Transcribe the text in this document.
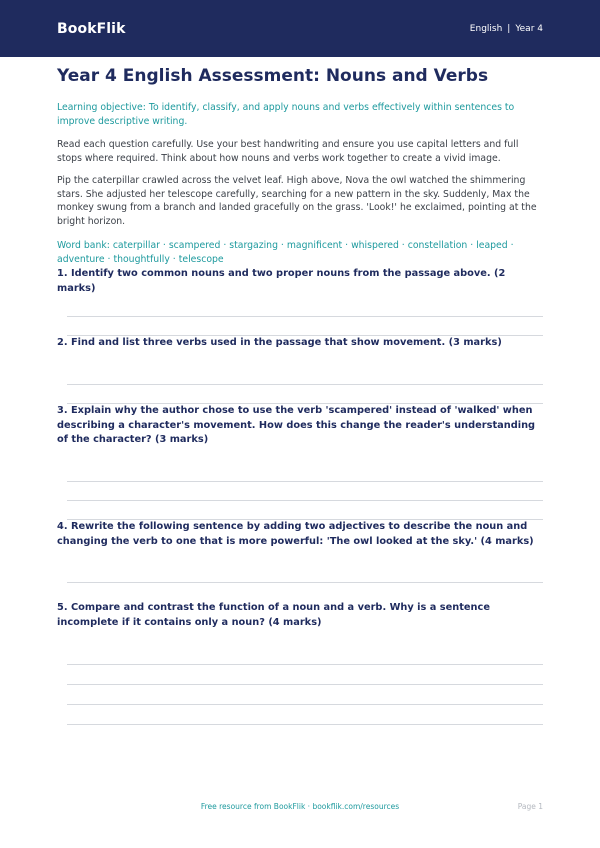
BookFlik	English | Year 4
Year 4 English Assessment: Nouns and Verbs
Learning objective: To identify, classify, and apply nouns and verbs effectively within sentences to improve descriptive writing.
Read each question carefully. Use your best handwriting and ensure you use capital letters and full stops where required. Think about how nouns and verbs work together to create a vivid image.
Pip the caterpillar crawled across the velvet leaf. High above, Nova the owl watched the shimmering stars. She adjusted her telescope carefully, searching for a new pattern in the sky. Suddenly, Max the monkey swung from a branch and landed gracefully on the grass. 'Look!' he exclaimed, pointing at the bright horizon.
Word bank: caterpillar · scampered · stargazing · magnificent · whispered · constellation · leaped · adventure · thoughtfully · telescope
1. Identify two common nouns and two proper nouns from the passage above. (2 marks)
2. Find and list three verbs used in the passage that show movement. (3 marks)
3. Explain why the author chose to use the verb 'scampered' instead of 'walked' when describing a character's movement. How does this change the reader's understanding of the character? (3 marks)
4. Rewrite the following sentence by adding two adjectives to describe the noun and changing the verb to one that is more powerful: 'The owl looked at the sky.' (4 marks)
5. Compare and contrast the function of a noun and a verb. Why is a sentence incomplete if it contains only a noun? (4 marks)
Free resource from BookFlik · bookflik.com/resources	Page 1
